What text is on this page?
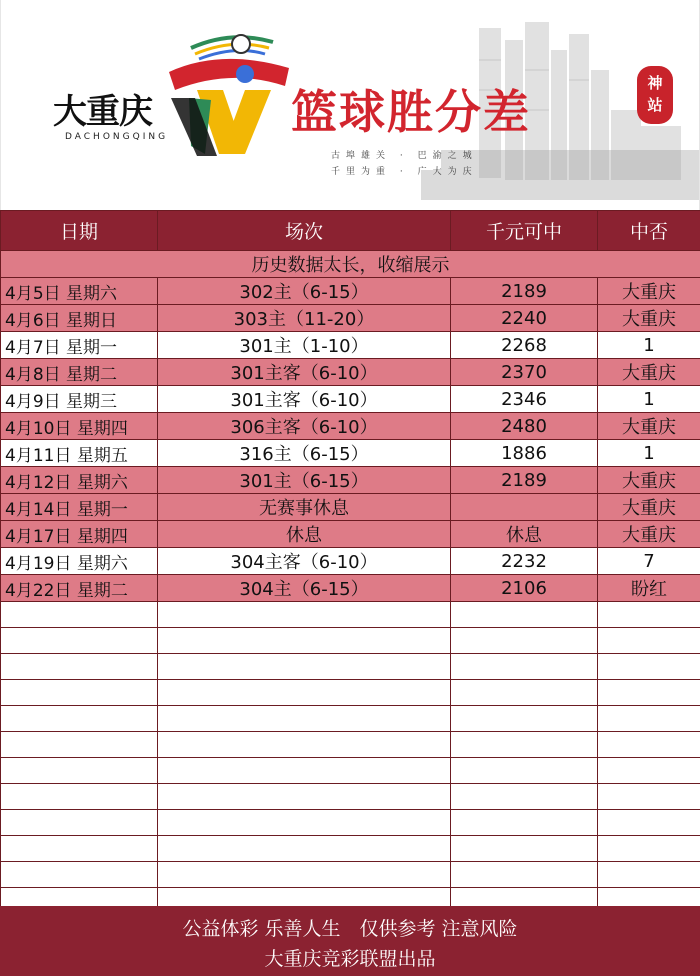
大重庆
DACHONGQING	篮球胜分差
古埠雄关 · 巴渝之城
千里为重 · 广大为庆
神站
日期	场次	千元可中	中否
历史数据太长，收缩展示			
4月5日 星期六	302主（6-15）	2189	大重庆
4月6日 星期日	303主（11-20）	2240	大重庆
4月7日 星期一	301主（1-10）	2268	1
4月8日 星期二	301主客（6-10）	2370	大重庆
4月9日 星期三	301主客（6-10）	2346	1
4月10日 星期四	306主客（6-10）	2480	大重庆
4月11日 星期五	316主（6-15）	1886	1
4月12日 星期六	301主（6-15）	2189	大重庆
4月14日 星期一	无赛事休息		大重庆
4月17日 星期四	休息	休息	大重庆
4月19日 星期六	304主客（6-10）	2232	7
4月22日 星期二	304主（6-15）	2106	盼红

公益体彩 乐善人生　仅供参考 注意风险
大重庆竞彩联盟出品
